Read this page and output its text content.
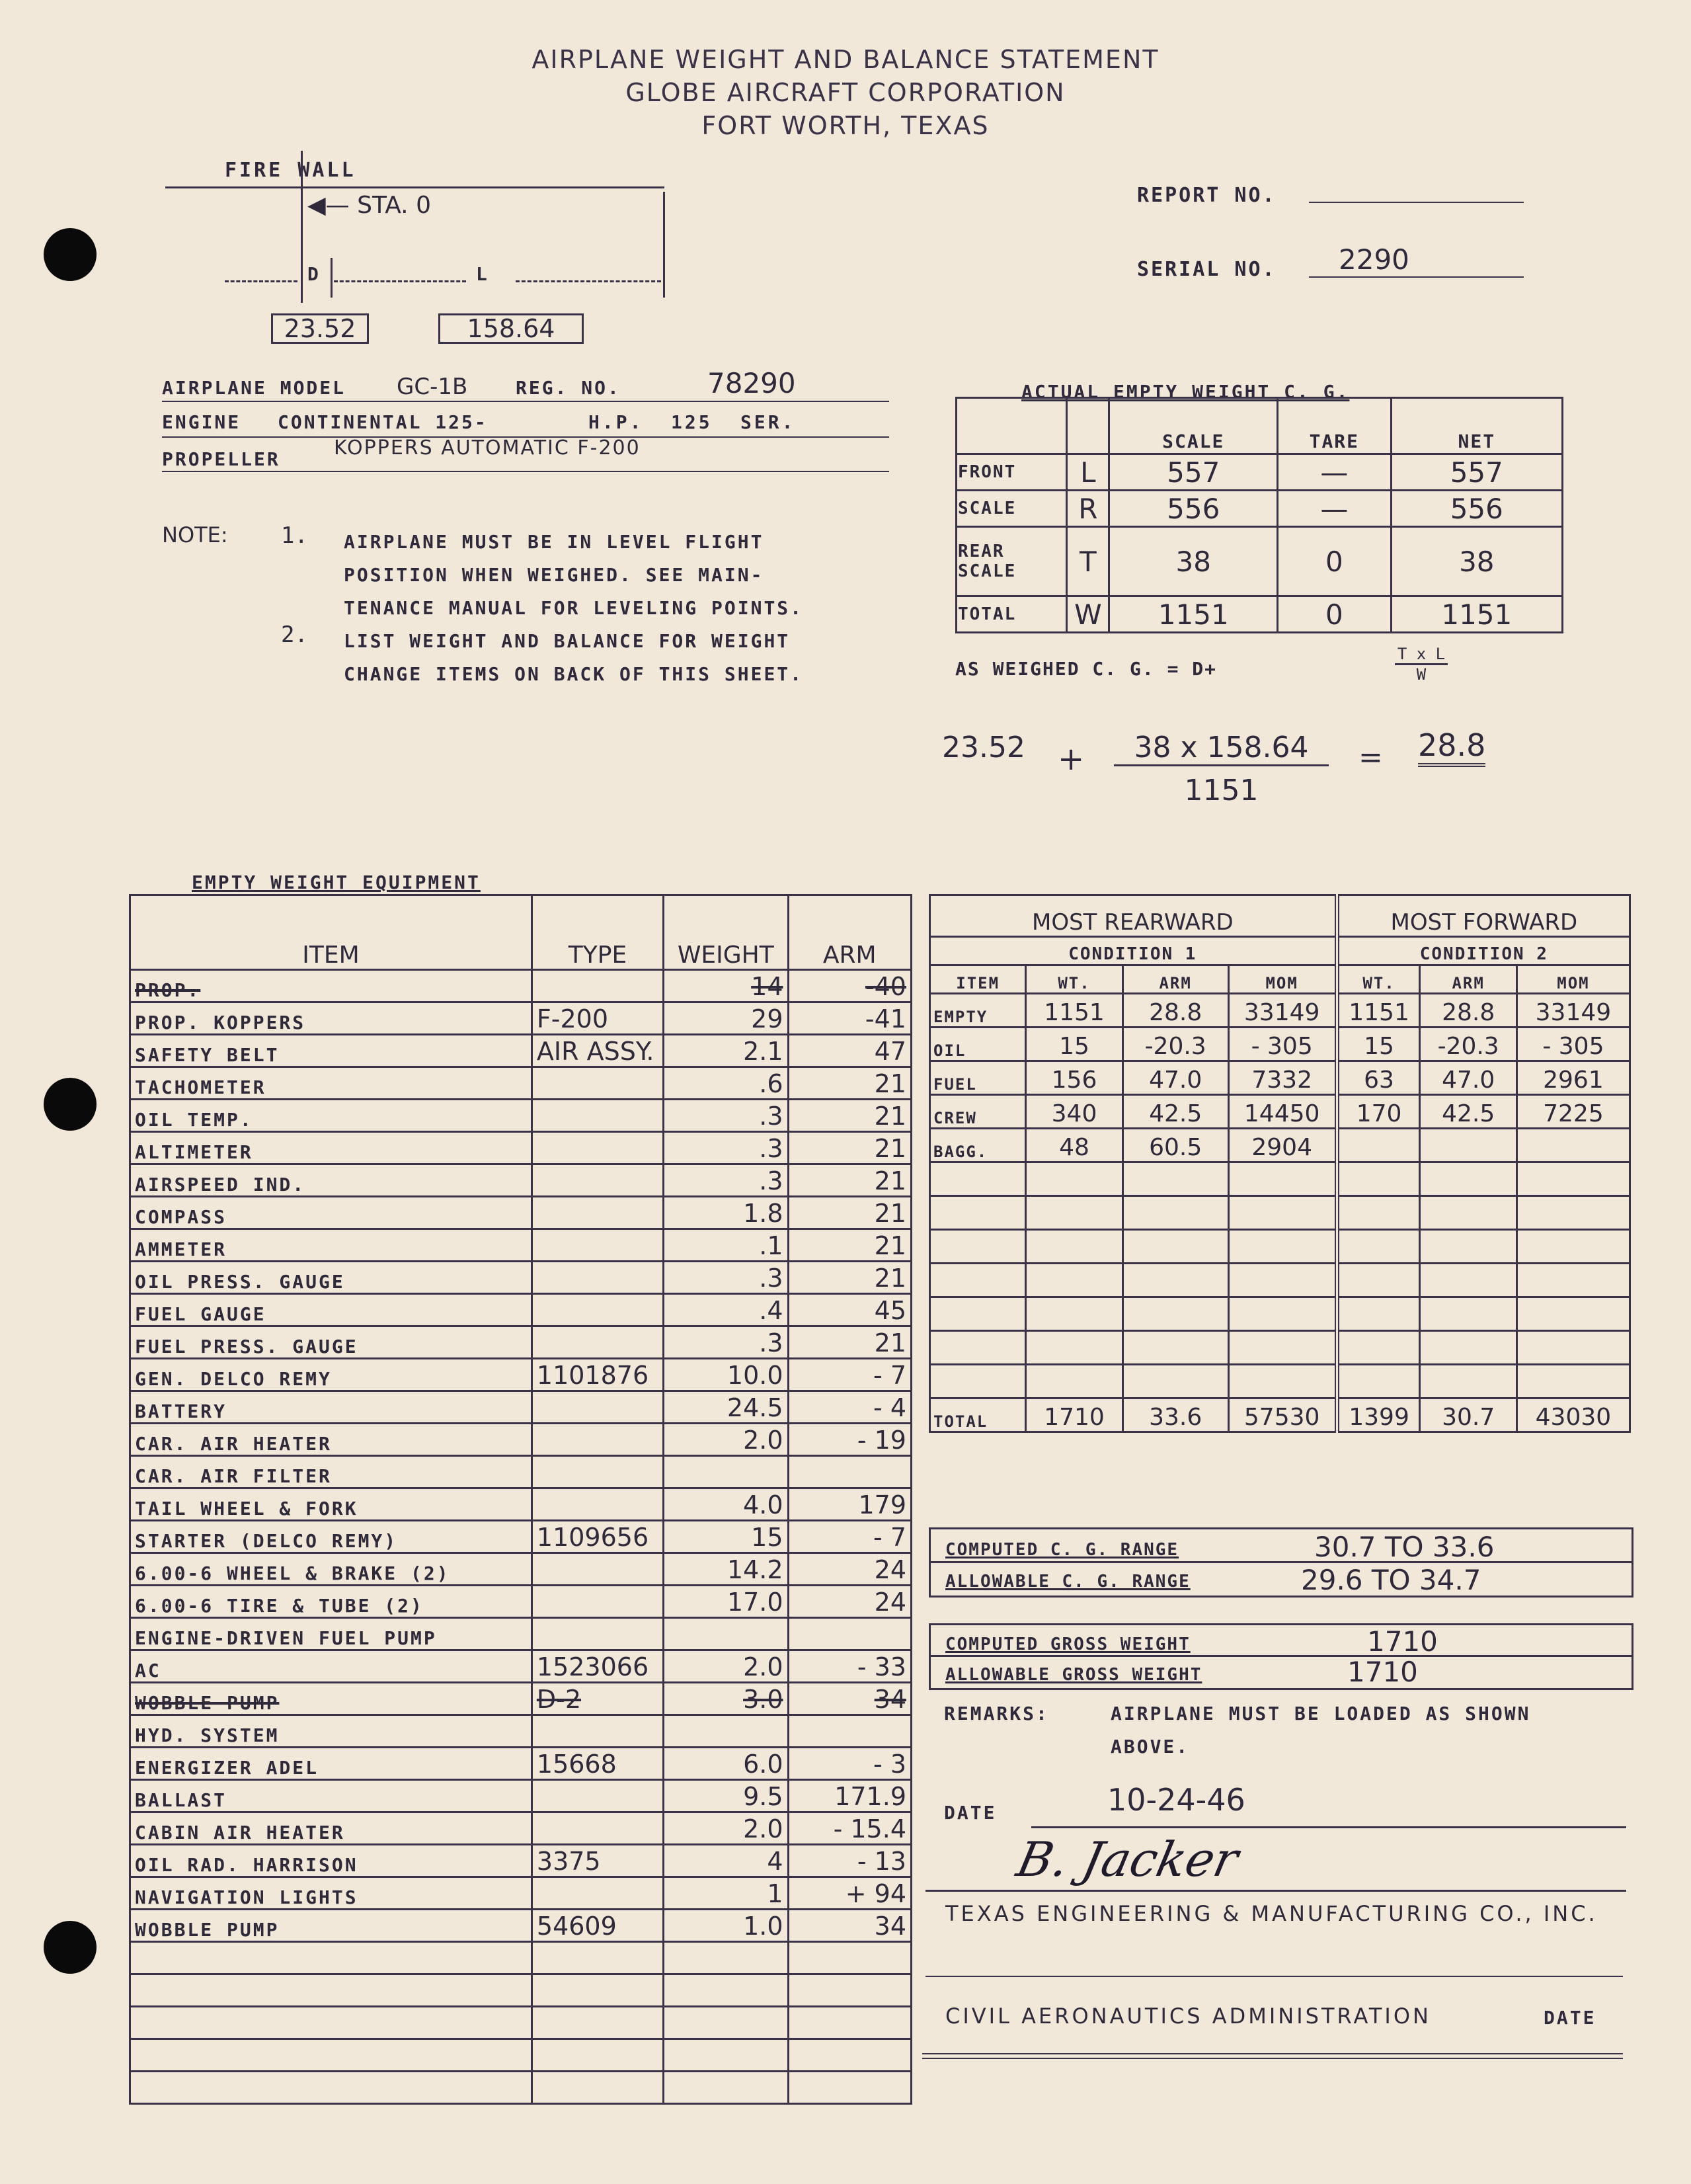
AIRPLANE WEIGHT AND BALANCE STATEMENT
GLOBE AIRCRAFT CORPORATION
FORT WORTH, TEXAS
FIRE WALL
◀— STA. 0
D	L
23.52	158.64
REPORT NO.
SERIAL NO. 2290
AIRPLANE MODEL GC-1B	REG. NO.	78290
ENGINE CONTINENTAL 125-	H.P. 125 SER.
PROPELLER	KOPPERS AUTOMATIC F-200
NOTE: 1. AIRPLANE MUST BE IN LEVEL FLIGHT
POSITION WHEN WEIGHED. SEE MAIN-
TENANCE MANUAL FOR LEVELING POINTS.
2. LIST WEIGHT AND BALANCE FOR WEIGHT
CHANGE ITEMS ON BACK OF THIS SHEET.
ACTUAL EMPTY WEIGHT C. G.
		SCALE	TARE	NET
FRONT	L	557	—	557
SCALE	R	556	—	556
REAR SCALE	T	38	0	38
TOTAL	W	1151	0	1151
AS WEIGHED C. G. = D+
T x L
W
23.52 +	38 x 158.64
1151
= 28.8
EMPTY WEIGHT EQUIPMENT
ITEM	TYPE	WEIGHT	ARM
PROP.		14	-40
PROP. KOPPERS	F-200	29	-41
SAFETY BELT	AIR ASSY.	2.1	47
TACHOMETER		.6	21
OIL TEMP.		.3	21
ALTIMETER		.3	21
AIRSPEED IND.		.3	21
COMPASS		1.8	21
AMMETER		.1	21
OIL PRESS. GAUGE		.3	21
FUEL GAUGE		.4	45
FUEL PRESS. GAUGE		.3	21
GEN. DELCO REMY	1101876	10.0	- 7
BATTERY		24.5	- 4
CAR. AIR HEATER		2.0	- 19
CAR. AIR FILTER			
TAIL WHEEL & FORK		4.0	179
STARTER (DELCO REMY)	1109656	15	- 7
6.00-6 WHEEL & BRAKE (2)		14.2	24
6.00-6 TIRE & TUBE (2)		17.0	24
ENGINE-DRIVEN FUEL PUMP			
AC	1523066	2.0	- 33
WOBBLE PUMP	D-2	3.0	34
HYD. SYSTEM			
ENERGIZER ADEL	15668	6.0	- 3
BALLAST		9.5	171.9
CABIN AIR HEATER		2.0	- 15.4
OIL RAD. HARRISON	3375	4	- 13
NAVIGATION LIGHTS		1	+ 94
WOBBLE PUMP	54609	1.0	34

MOST REARWARD				MOST FORWARD		
CONDITION 1				CONDITION 2		
ITEM	WT.	ARM	MOM	WT.	ARM	MOM
EMPTY	1151	28.8	33149	1151	28.8	33149
OIL	15	-20.3	- 305	15	-20.3	- 305
FUEL	156	47.0	7332	63	47.0	2961
CREW	340	42.5	14450	170	42.5	7225
BAGG.	48	60.5	2904			

TOTAL	1710	33.6	57530	1399	30.7	43030
COMPUTED C. G. RANGE	30.7 TO 33.6
ALLOWABLE C. G. RANGE	29.6 TO 34.7
COMPUTED GROSS WEIGHT	1710
ALLOWABLE GROSS WEIGHT	1710
REMARKS:	AIRPLANE MUST BE LOADED AS SHOWN
ABOVE.
DATE	10-24-46
B. Jacker
TEXAS ENGINEERING & MANUFACTURING CO., INC.
CIVIL AERONAUTICS ADMINISTRATION	DATE
